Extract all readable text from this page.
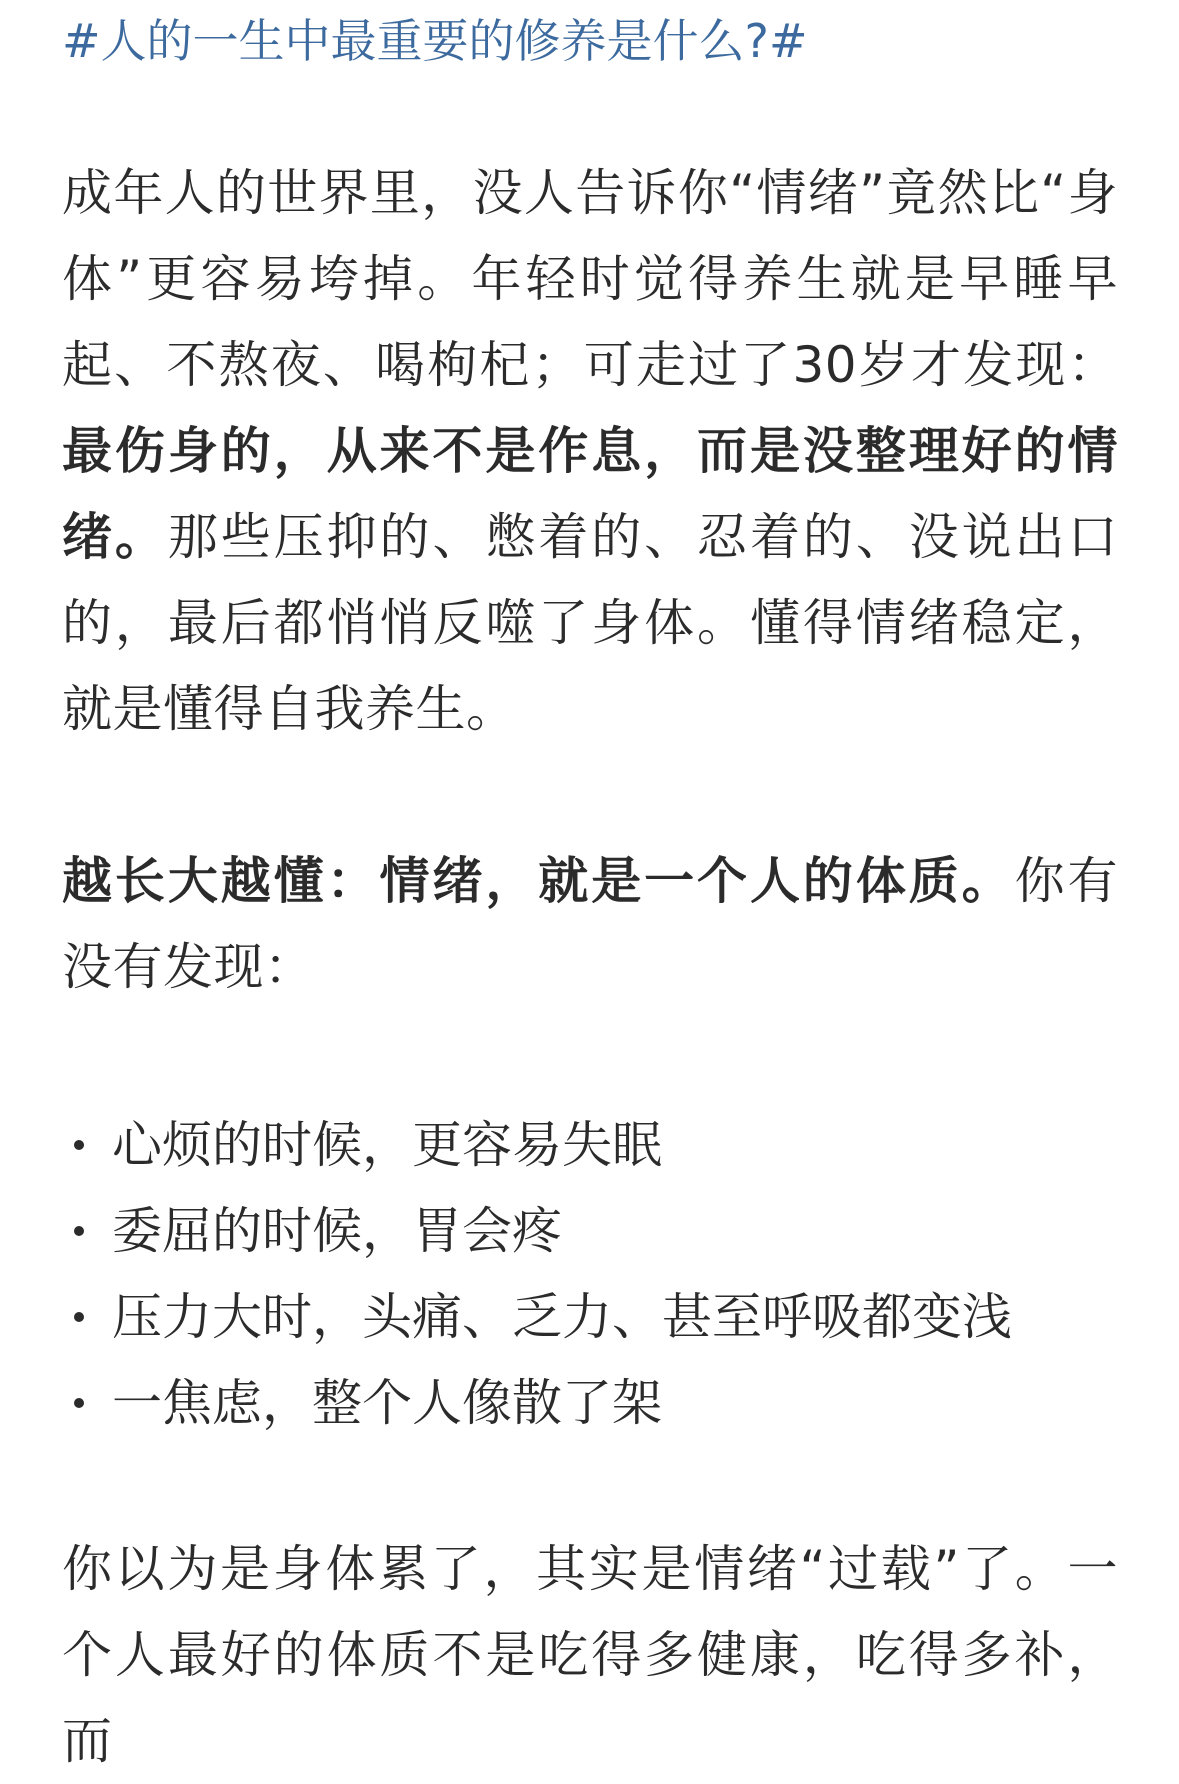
#人的一生中最重要的修养是什么?#

成年人的世界里，没人告诉你“情绪”竟然比“身体”更容易垮掉。年轻时觉得养生就是早睡早起、不熬夜、喝枸杞；可走过了30岁才发现：最伤身的，从来不是作息，而是没整理好的情绪。那些压抑的、憋着的、忍着的、没说出口的，最后都悄悄反噬了身体。懂得情绪稳定，就是懂得自我养生。

越长大越懂：情绪，就是一个人的体质。你有没有发现：

心烦的时候，更容易失眠
委屈的时候，胃会疼
压力大时，头痛、乏力、甚至呼吸都变浅
一焦虑，整个人像散了架

你以为是身体累了，其实是情绪“过载”了。一个人最好的体质不是吃得多健康，吃得多补，而
